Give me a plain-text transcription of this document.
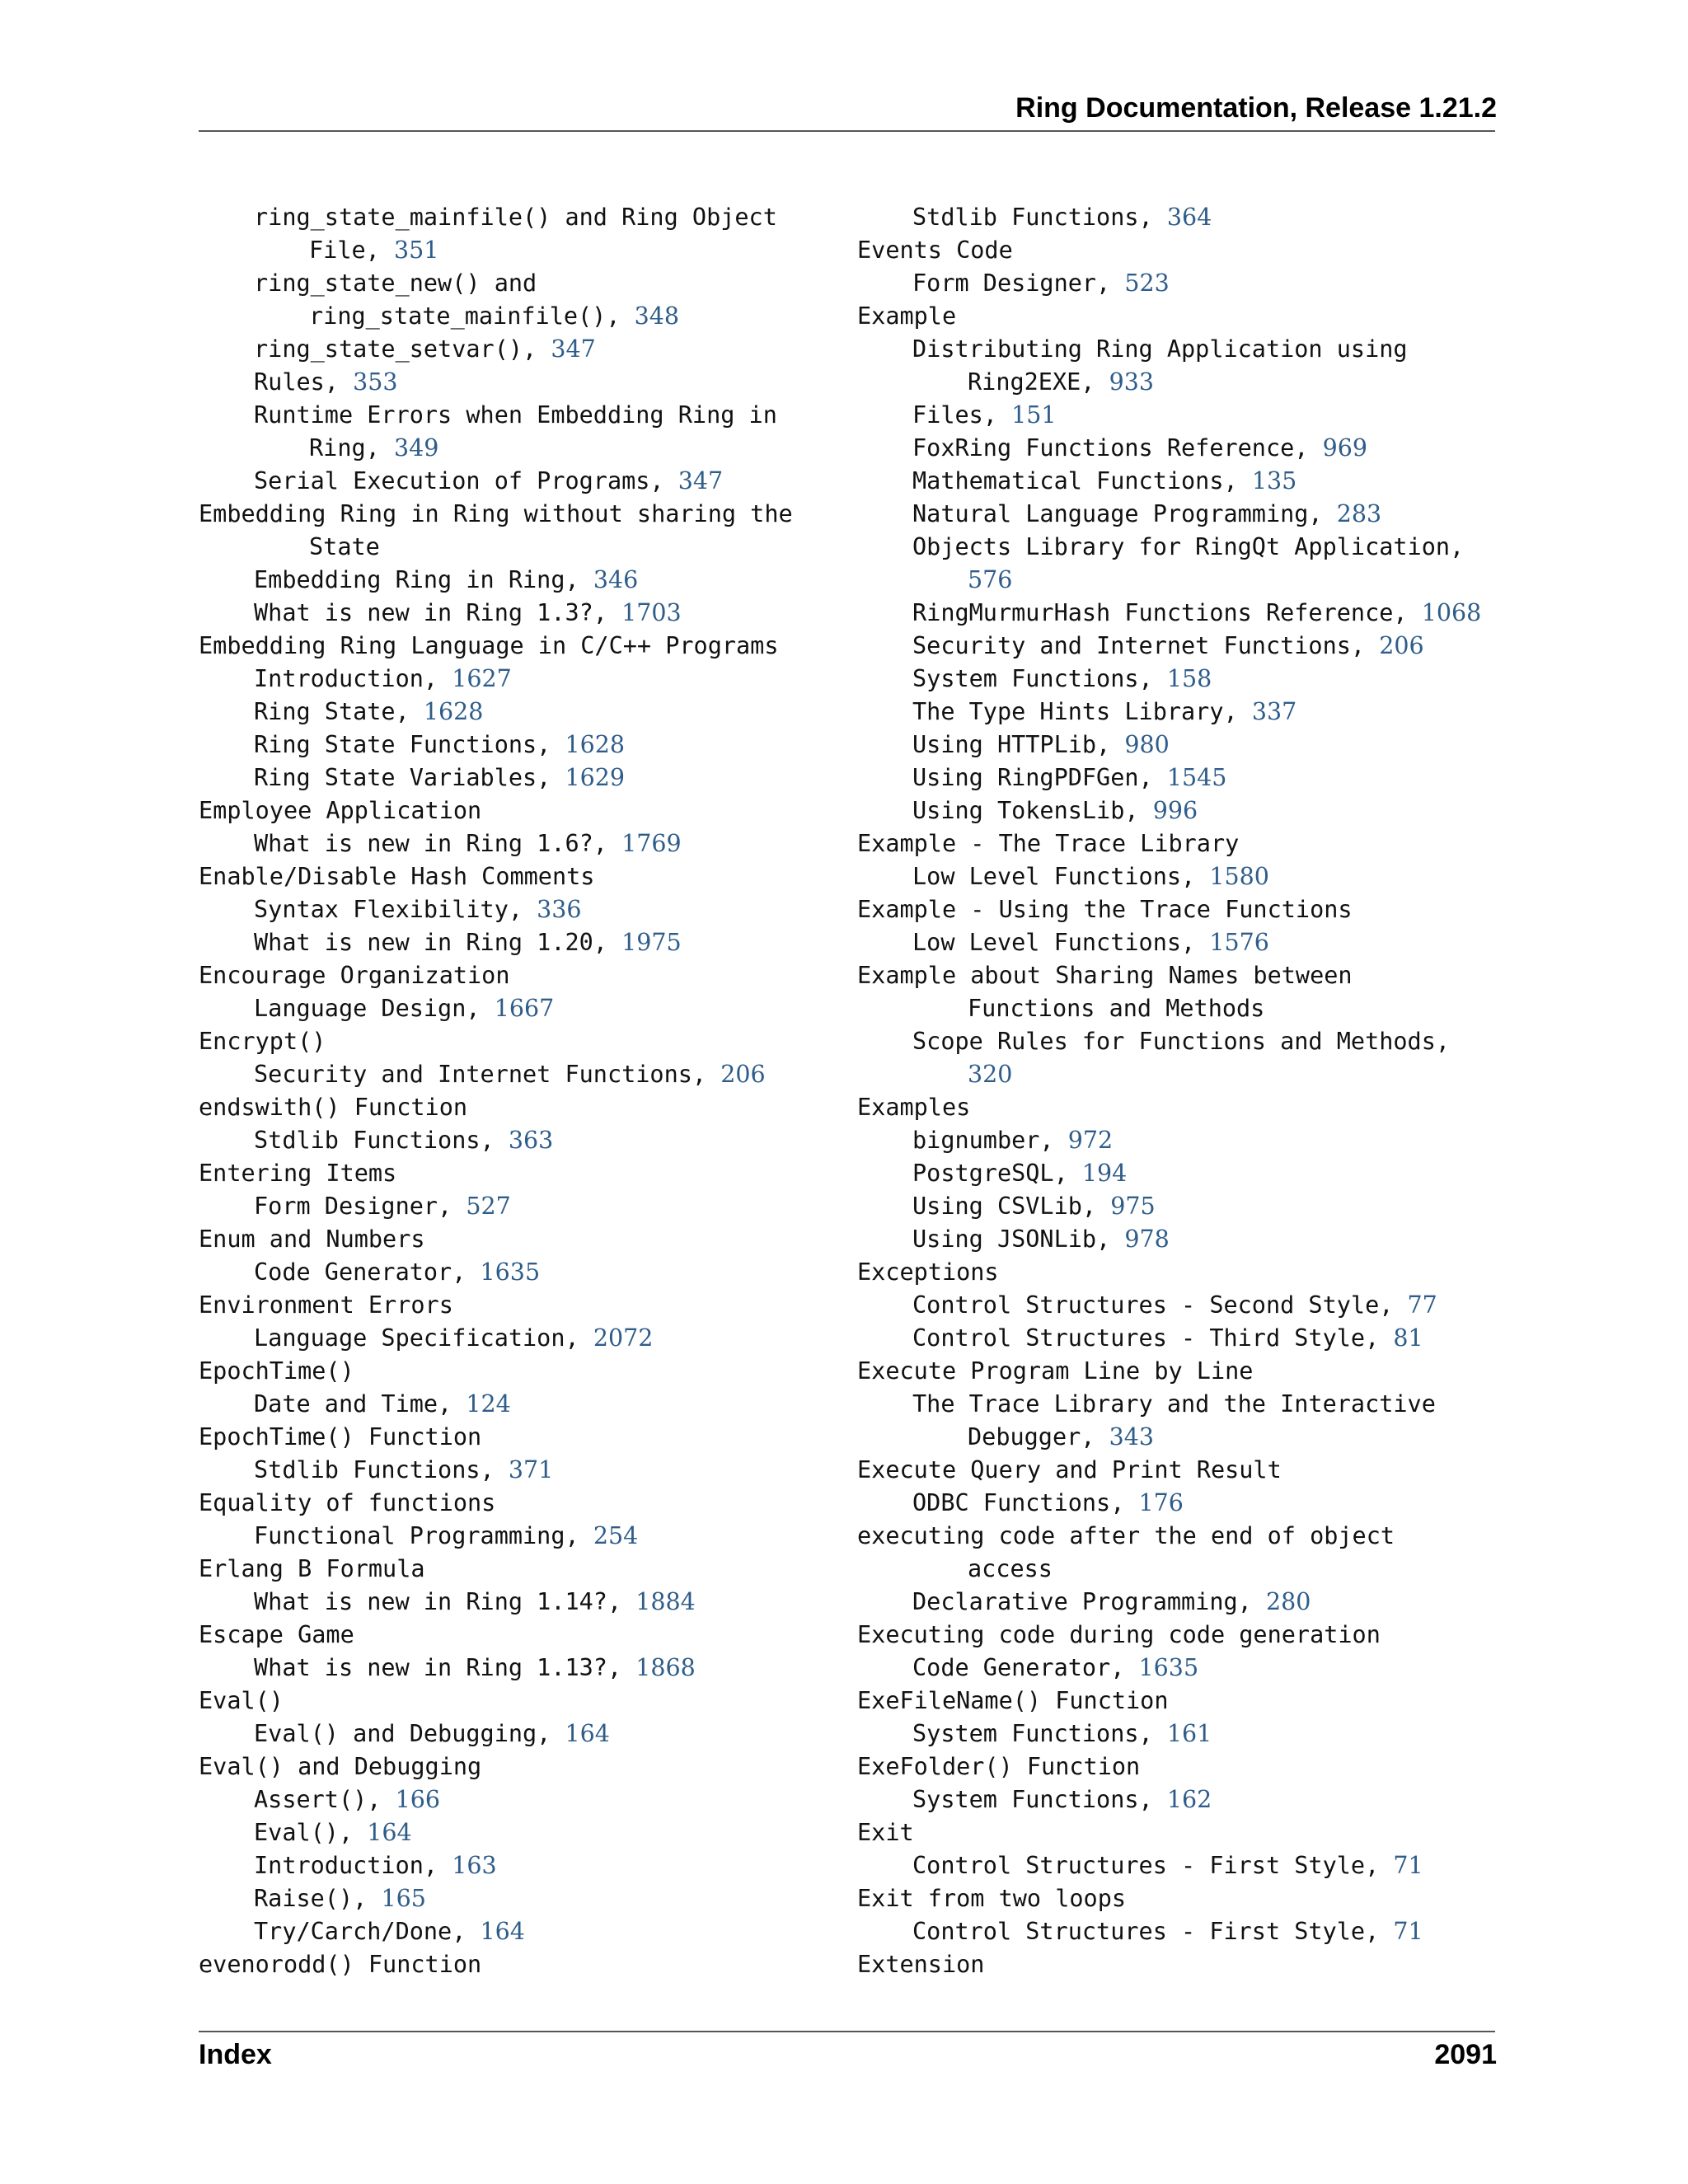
Ring Documentation, Release 1.21.2
ring_state_mainfile() and Ring Object
File, 351
ring_state_new() and
ring_state_mainfile(), 348
ring_state_setvar(), 347
Rules, 353
Runtime Errors when Embedding Ring in
Ring, 349
Serial Execution of Programs, 347
Embedding Ring in Ring without sharing the
State
Embedding Ring in Ring, 346
What is new in Ring 1.3?, 1703
Embedding Ring Language in C/C++ Programs
Introduction, 1627
Ring State, 1628
Ring State Functions, 1628
Ring State Variables, 1629
Employee Application
What is new in Ring 1.6?, 1769
Enable/Disable Hash Comments
Syntax Flexibility, 336
What is new in Ring 1.20, 1975
Encourage Organization
Language Design, 1667
Encrypt()
Security and Internet Functions, 206
endswith() Function
Stdlib Functions, 363
Entering Items
Form Designer, 527
Enum and Numbers
Code Generator, 1635
Environment Errors
Language Specification, 2072
EpochTime()
Date and Time, 124
EpochTime() Function
Stdlib Functions, 371
Equality of functions
Functional Programming, 254
Erlang B Formula
What is new in Ring 1.14?, 1884
Escape Game
What is new in Ring 1.13?, 1868
Eval()
Eval() and Debugging, 164
Eval() and Debugging
Assert(), 166
Eval(), 164
Introduction, 163
Raise(), 165
Try/Carch/Done, 164
evenorodd() Function
Stdlib Functions, 364
Events Code
Form Designer, 523
Example
Distributing Ring Application using
Ring2EXE, 933
Files, 151
FoxRing Functions Reference, 969
Mathematical Functions, 135
Natural Language Programming, 283
Objects Library for RingQt Application,
576
RingMurmurHash Functions Reference, 1068
Security and Internet Functions, 206
System Functions, 158
The Type Hints Library, 337
Using HTTPLib, 980
Using RingPDFGen, 1545
Using TokensLib, 996
Example - The Trace Library
Low Level Functions, 1580
Example - Using the Trace Functions
Low Level Functions, 1576
Example about Sharing Names between
Functions and Methods
Scope Rules for Functions and Methods,
320
Examples
bignumber, 972
PostgreSQL, 194
Using CSVLib, 975
Using JSONLib, 978
Exceptions
Control Structures - Second Style, 77
Control Structures - Third Style, 81
Execute Program Line by Line
The Trace Library and the Interactive
Debugger, 343
Execute Query and Print Result
ODBC Functions, 176
executing code after the end of object
access
Declarative Programming, 280
Executing code during code generation
Code Generator, 1635
ExeFileName() Function
System Functions, 161
ExeFolder() Function
System Functions, 162
Exit
Control Structures - First Style, 71
Exit from two loops
Control Structures - First Style, 71
Extension
Index	2091
